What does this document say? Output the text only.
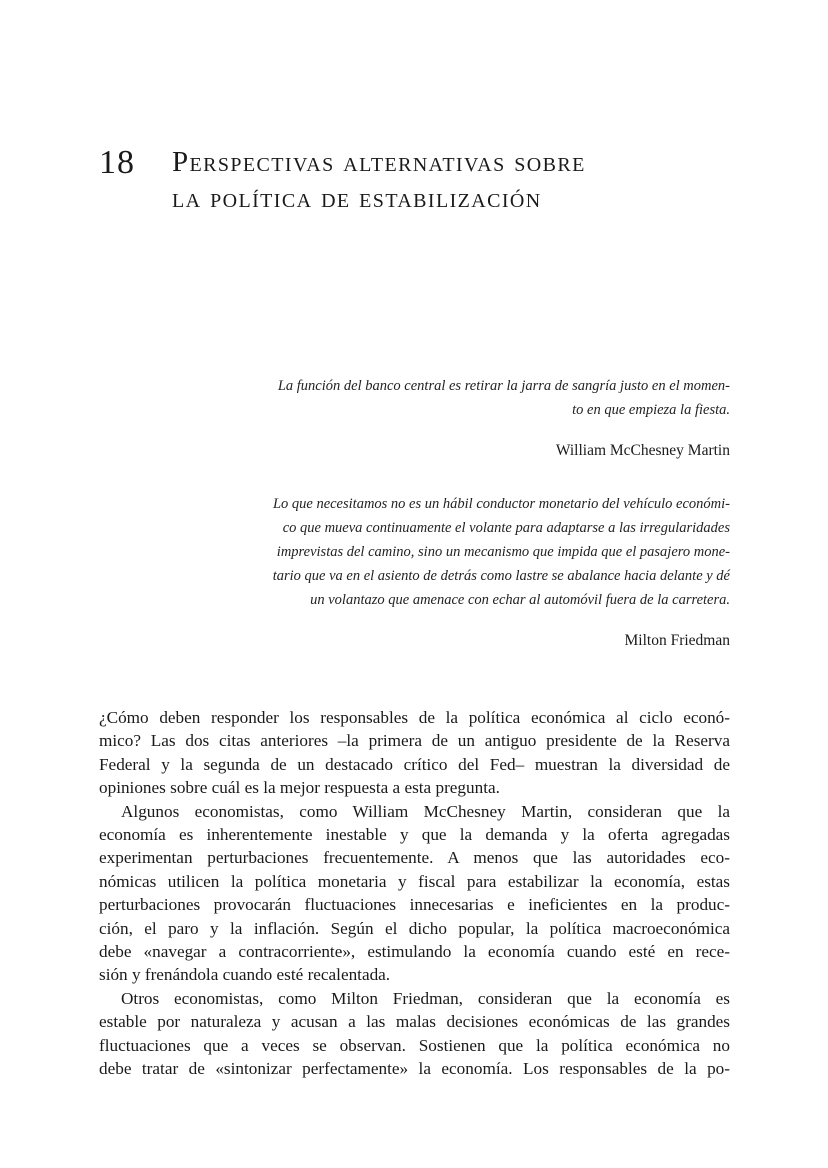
18 Perspectivas alternativas sobre
la política de estabilización
La función del banco central es retirar la jarra de sangría justo en el momen-
to en que empieza la fiesta.
William McChesney Martin
Lo que necesitamos no es un hábil conductor monetario del vehículo económi-
co que mueva continuamente el volante para adaptarse a las irregularidades
imprevistas del camino, sino un mecanismo que impida que el pasajero mone-
tario que va en el asiento de detrás como lastre se abalance hacia delante y dé
un volantazo que amenace con echar al automóvil fuera de la carretera.
Milton Friedman

¿Cómo deben responder los responsables de la política económica al ciclo econó-
mico? Las dos citas anteriores –la primera de un antiguo presidente de la Reserva
Federal y la segunda de un destacado crítico del Fed– muestran la diversidad de
opiniones sobre cuál es la mejor respuesta a esta pregunta.

Algunos economistas, como William McChesney Martin, consideran que la
economía es inherentemente inestable y que la demanda y la oferta agregadas
experimentan perturbaciones frecuentemente. A menos que las autoridades eco-
nómicas utilicen la política monetaria y fiscal para estabilizar la economía, estas
perturbaciones provocarán fluctuaciones innecesarias e ineficientes en la produc-
ción, el paro y la inflación. Según el dicho popular, la política macroeconómica
debe «navegar a contracorriente», estimulando la economía cuando esté en rece-
sión y frenándola cuando esté recalentada.

Otros economistas, como Milton Friedman, consideran que la economía es
estable por naturaleza y acusan a las malas decisiones económicas de las grandes
fluctuaciones que a veces se observan. Sostienen que la política económica no
debe tratar de «sintonizar perfectamente» la economía. Los responsables de la po-
